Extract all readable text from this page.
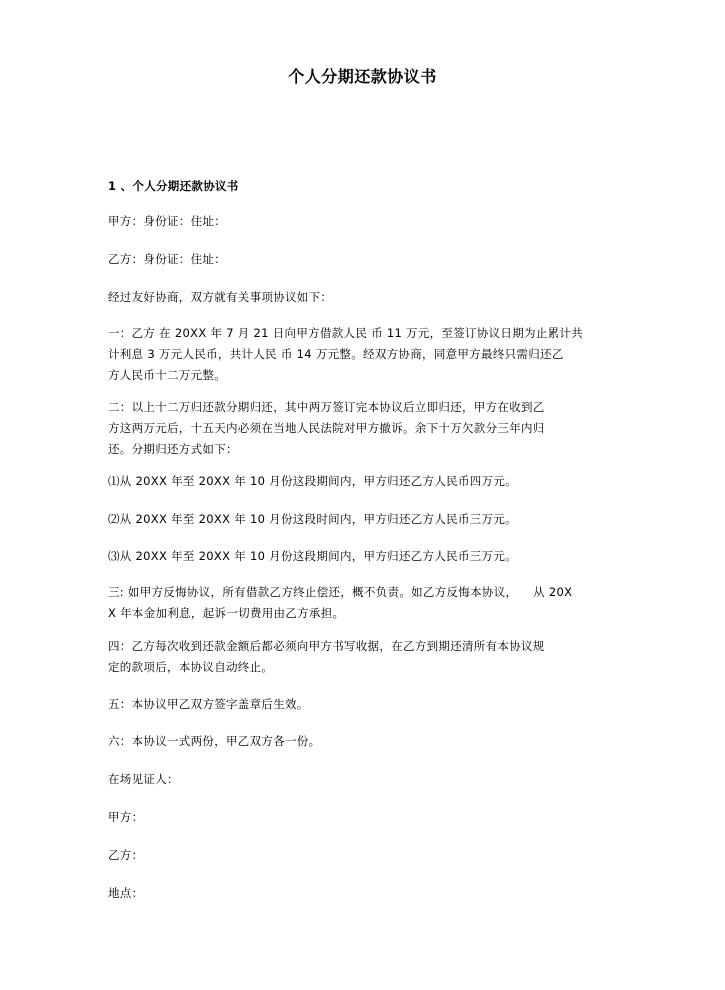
个人分期还款协议书
1 、个人分期还款协议书
甲方：身份证：住址：
乙方：身份证：住址：
经过友好协商，双方就有关事项协议如下：
一：乙方 在 20XX 年 7 月 21 日向甲方借款人民 币 11 万元，至签订协议日期为止累计共
计利息 3 万元人民币，共计人民 币 14 万元整。经双方协商，同意甲方最终只需归还乙
方人民币十二万元整。
二：以上十二万归还款分期归还，其中两万签订完本协议后立即归还，甲方在收到乙
方这两万元后，十五天内必须在当地人民法院对甲方撤诉。余下十万欠款分三年内归
还。分期归还方式如下：
⑴从 20XX 年至 20XX 年 10 月份这段期间内，甲方归还乙方人民币四万元。
⑵从 20XX 年至 20XX 年 10 月份这段时间内，甲方归还乙方人民币三万元。
⑶从 20XX 年至 20XX 年 10 月份这段期间内，甲方归还乙方人民币三万元。
三: 如甲方反悔协议，所有借款乙方终止偿还，概不负责。如乙方反悔本协议，    从 20X
X 年本金加利息，起诉一切费用由乙方承担。
四：乙方每次收到还款金额后都必须向甲方书写收据，在乙方到期还清所有本协议规
定的款项后，本协议自动终止。
五：本协议甲乙双方签字盖章后生效。
六：本协议一式两份，甲乙双方各一份。
在场见证人：
甲方：
乙方：
地点：
